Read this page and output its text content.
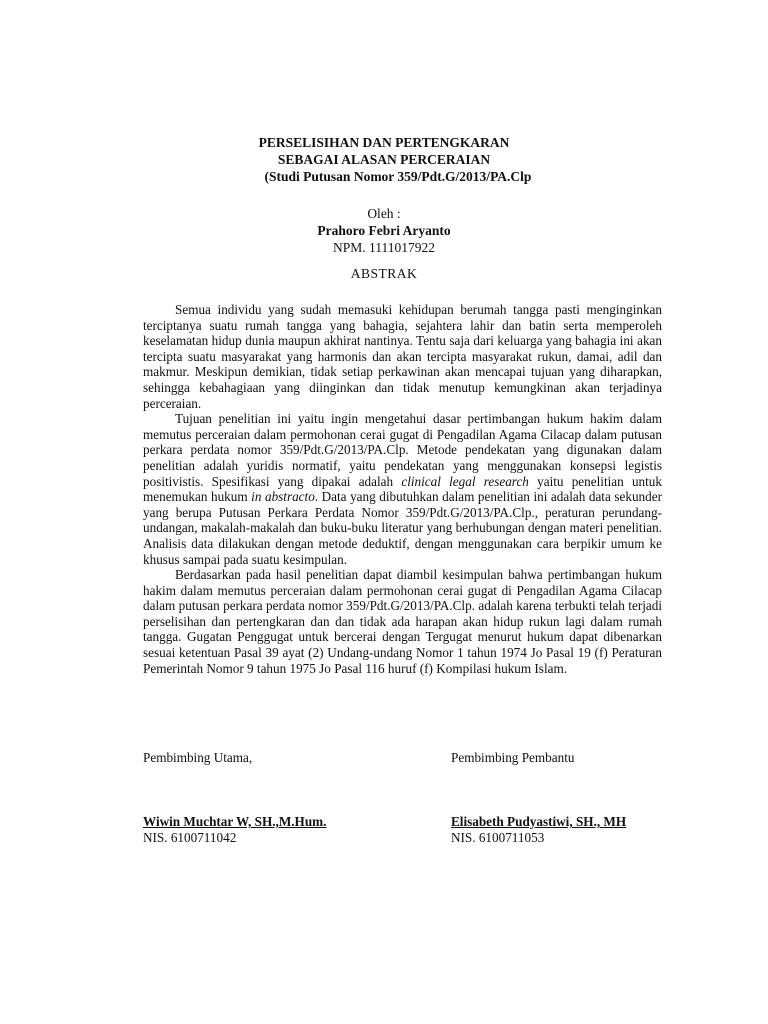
PERSELISIHAN DAN PERTENGKARAN
SEBAGAI ALASAN PERCERAIAN
(Studi Putusan Nomor 359/Pdt.G/2013/PA.Clp
Oleh :
Prahoro Febri Aryanto
NPM. 1111017922
ABSTRAK

Semua individu yang sudah memasuki kehidupan berumah tangga pasti menginginkan terciptanya suatu rumah tangga yang bahagia, sejahtera lahir dan batin serta memperoleh keselamatan hidup dunia maupun akhirat nantinya. Tentu saja dari keluarga yang bahagia ini akan tercipta suatu masyarakat yang harmonis dan akan tercipta masyarakat rukun, damai, adil dan makmur. Meskipun demikian, tidak setiap perkawinan akan mencapai tujuan yang diharapkan, sehingga kebahagiaan yang diinginkan dan tidak menutup kemungkinan akan terjadinya perceraian.

Tujuan penelitian ini yaitu ingin mengetahui dasar pertimbangan hukum hakim dalam memutus perceraian dalam permohonan cerai gugat di Pengadilan Agama Cilacap dalam putusan perkara perdata nomor 359/Pdt.G/2013/PA.Clp. Metode pendekatan yang digunakan dalam penelitian adalah yuridis normatif, yaitu pendekatan yang menggunakan konsepsi legistis positivistis. Spesifikasi yang dipakai adalah clinical legal research yaitu penelitian untuk menemukan hukum in abstracto. Data yang dibutuhkan dalam penelitian ini adalah data sekunder yang berupa Putusan Perkara Perdata Nomor 359/Pdt.G/2013/PA.Clp., peraturan perundang-undangan, makalah-makalah dan buku-buku literatur yang berhubungan dengan materi penelitian. Analisis data dilakukan dengan metode deduktif, dengan menggunakan cara berpikir umum ke khusus sampai pada suatu kesimpulan.

Berdasarkan pada hasil penelitian dapat diambil kesimpulan bahwa pertimbangan hukum hakim dalam memutus perceraian dalam permohonan cerai gugat di Pengadilan Agama Cilacap dalam putusan perkara perdata nomor 359/Pdt.G/2013/PA.Clp. adalah karena terbukti telah terjadi perselisihan dan pertengkaran dan dan tidak ada harapan akan hidup rukun lagi dalam rumah tangga. Gugatan Penggugat untuk bercerai dengan Tergugat menurut hukum dapat dibenarkan sesuai ketentuan Pasal 39 ayat (2) Undang-undang Nomor 1 tahun 1974 Jo Pasal 19 (f) Peraturan Pemerintah Nomor 9 tahun 1975 Jo Pasal 116 huruf (f) Kompilasi hukum Islam.

Pembimbing Utama,	Pembimbing Pembantu
Wiwin Muchtar W, SH.,M.Hum.	Elisabeth Pudyastiwi, SH., MH
NIS. 6100711042	NIS. 6100711053
